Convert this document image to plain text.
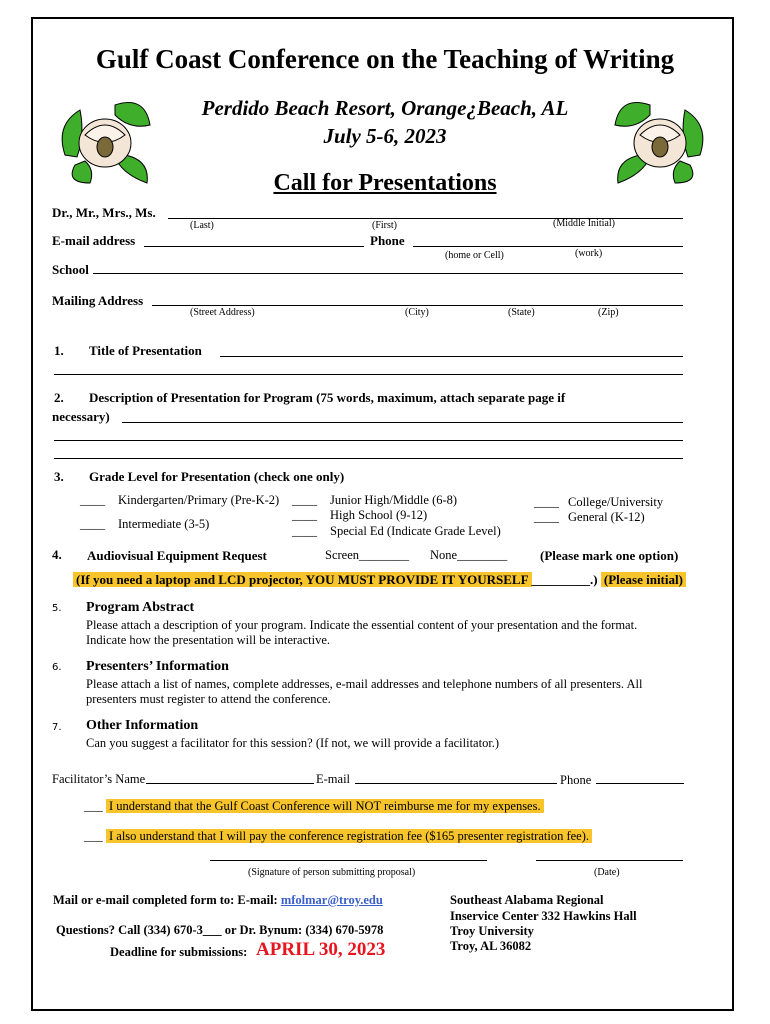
Gulf Coast Conference on the Teaching of Writing
Perdido Beach Resort, Orange¿Beach, AL
July 5-6, 2023
Call for Presentations
Dr., Mr., Mrs., Ms.
(Last)	(First)	(Middle Initial)
E-mail address	Phone
(home or Cell)	(work)
School
Mailing Address
(Street Address)	(City)	(State)	(Zip)
1. Title of Presentation
2. Description of Presentation for Program (75 words, maximum, attach separate page if
necessary)
3. Grade Level for Presentation (check one only)
____ Kindergarten/Primary (Pre-K-2)
____ Intermediate (3-5)
____ Junior High/Middle (6-8)
____ High School (9-12)
____ Special Ed (Indicate Grade Level)
____ College/University
____ General (K-12)
4. Audiovisual Equipment Request	Screen________ None________	(Please mark one option)
(If you need a laptop and LCD projector, YOU MUST PROVIDE IT YOURSELF _________.) (Please initial)
5. Program Abstract
Please attach a description of your program. Indicate the essential content of your presentation and the format.
Indicate how the presentation will be interactive.
6. Presenters’ Information
Please attach a list of names, complete addresses, e-mail addresses and telephone numbers of all presenters. All
presenters must register to attend the conference.
7. Other Information
Can you suggest a facilitator for this session? (If not, we will provide a facilitator.)
Facilitator’s Name	E-mail	Phone
___ I understand that the Gulf Coast Conference will NOT reimburse me for my expenses.
___ I also understand that I will pay the conference registration fee ($165 presenter registration fee).
(Signature of person submitting proposal)	(Date)
Mail or e-mail completed form to: E-mail: mfolmar@troy.edu
Questions? Call (334) 670-3___ or Dr. Bynum: (334) 670-5978
Deadline for submissions: APRIL 30, 2023
Southeast Alabama Regional
Inservice Center 332 Hawkins Hall
Troy University
Troy, AL 36082
